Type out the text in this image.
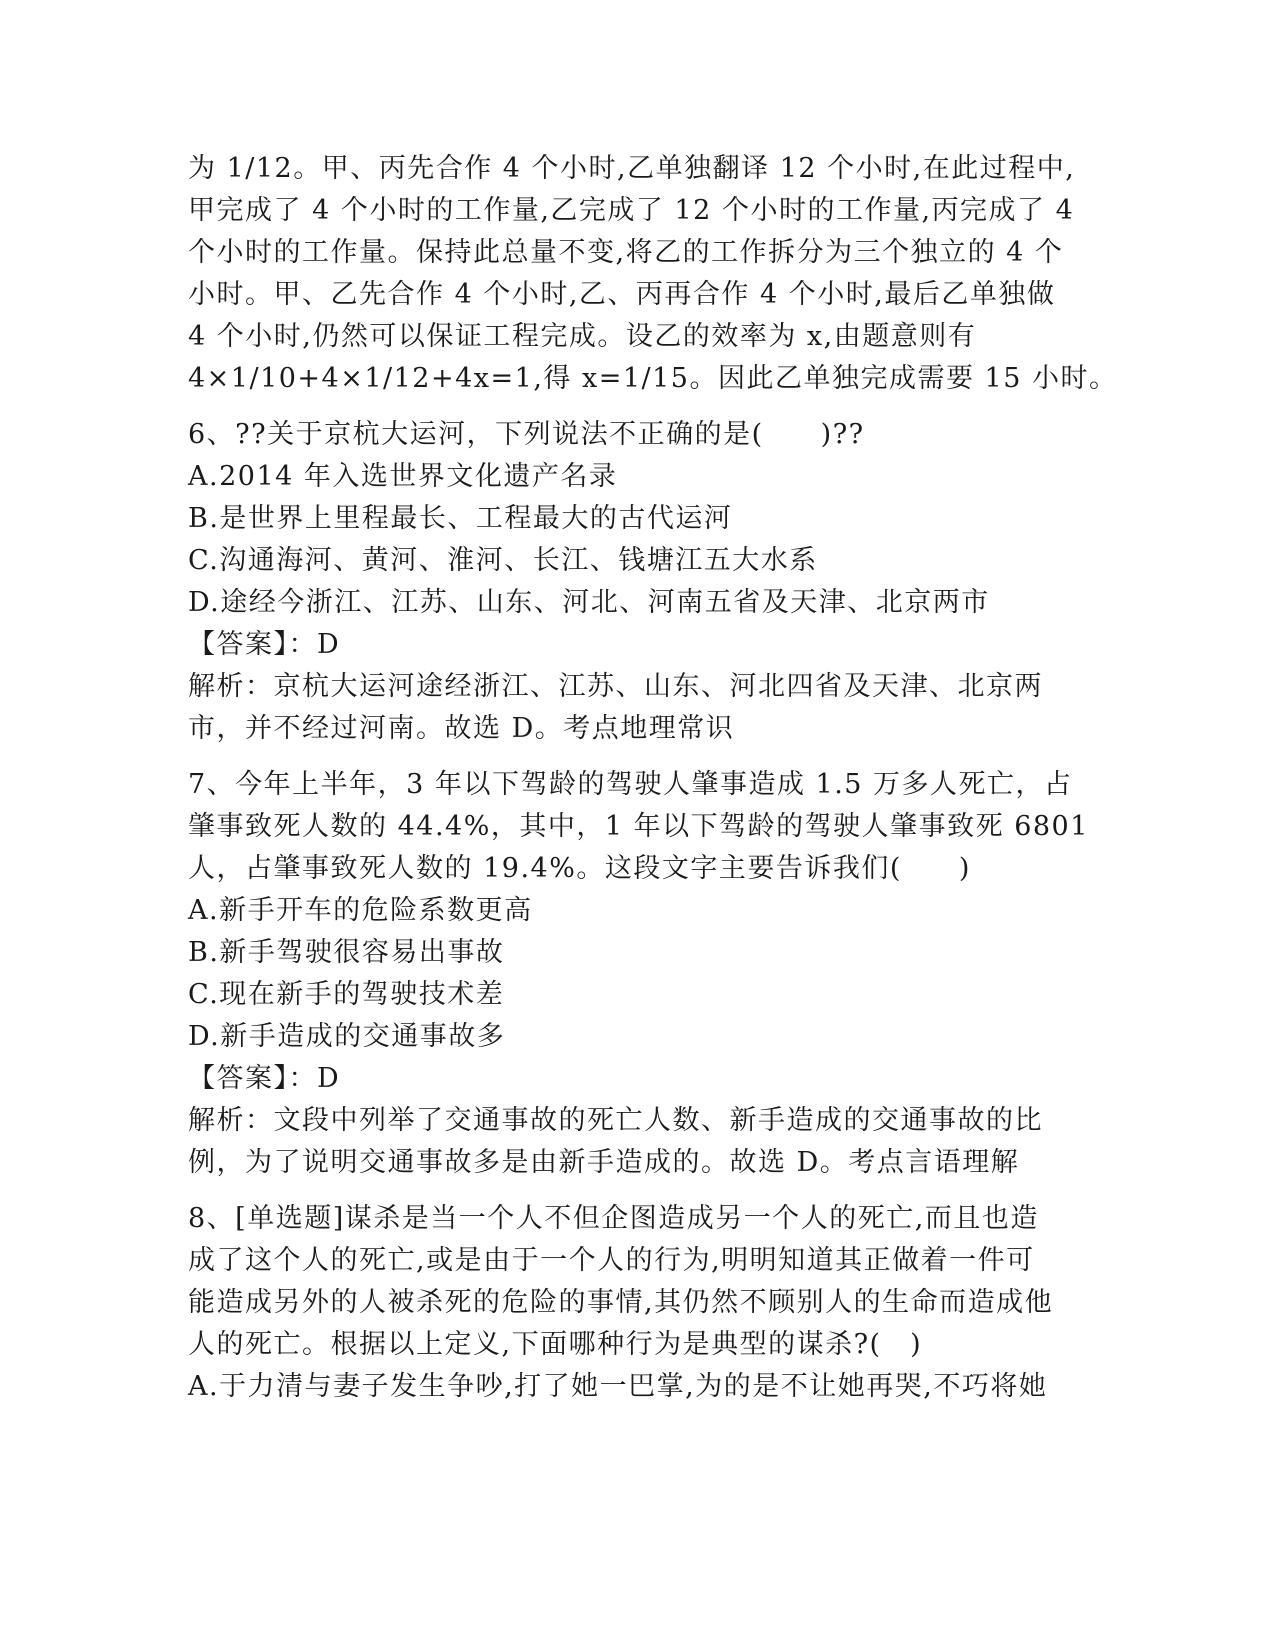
为 1/12。甲、丙先合作 4 个小时,乙单独翻译 12 个小时,在此过程中,
甲完成了 4 个小时的工作量,乙完成了 12 个小时的工作量,丙完成了 4
个小时的工作量。保持此总量不变,将乙的工作拆分为三个独立的 4 个
小时。甲、乙先合作 4 个小时,乙、丙再合作 4 个小时,最后乙单独做
4 个小时,仍然可以保证工程完成。设乙的效率为 x,由题意则有
4×1/10+4×1/12+4x=1,得 x=1/15。因此乙单独完成需要 15 小时。
6、??关于京杭大运河，下列说法不正确的是(　　)??
A.2014 年入选世界文化遗产名录
B.是世界上里程最长、工程最大的古代运河
C.沟通海河、黄河、淮河、长江、钱塘江五大水系
D.途经今浙江、江苏、山东、河北、河南五省及天津、北京两市
【答案】：D
解析：京杭大运河途经浙江、江苏、山东、河北四省及天津、北京两
市，并不经过河南。故选 D。考点地理常识
7、今年上半年，3 年以下驾龄的驾驶人肇事造成 1.5 万多人死亡，占
肇事致死人数的 44.4%，其中，1 年以下驾龄的驾驶人肇事致死 6801
人，占肇事致死人数的 19.4%。这段文字主要告诉我们(　　)
A.新手开车的危险系数更高
B.新手驾驶很容易出事故
C.现在新手的驾驶技术差
D.新手造成的交通事故多
【答案】：D
解析：文段中列举了交通事故的死亡人数、新手造成的交通事故的比
例，为了说明交通事故多是由新手造成的。故选 D。考点言语理解
8、[单选题]谋杀是当一个人不但企图造成另一个人的死亡,而且也造
成了这个人的死亡,或是由于一个人的行为,明明知道其正做着一件可
能造成另外的人被杀死的危险的事情,其仍然不顾别人的生命而造成他
人的死亡。根据以上定义,下面哪种行为是典型的谋杀?(　)
A.于力清与妻子发生争吵,打了她一巴掌,为的是不让她再哭,不巧将她
